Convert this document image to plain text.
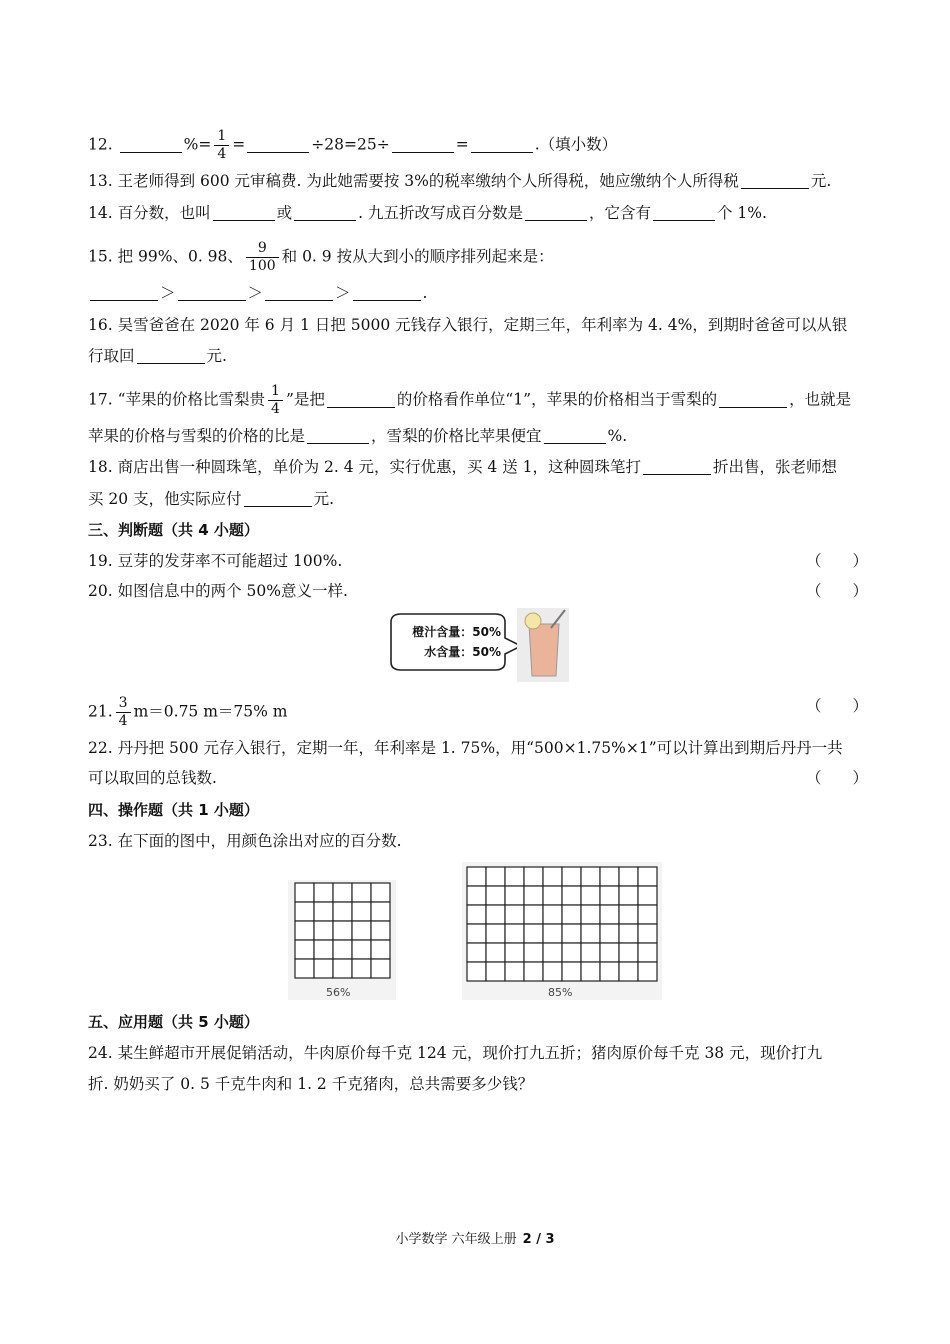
12.	%= $\frac{1}{4}$ =	÷28=25÷	=	.（填小数）
13. 王老师得到 600 元审稿费. 为此她需要按 3%的税率缴纳个人所得税，她应缴纳个人所得税	元.
14. 百分数，也叫	或	. 九五折改写成百分数是	，它含有	个 1%.
15. 把 99%、0. 98、 $\frac{9}{100}$ 和 0. 9 按从大到小的顺序排列起来是：
＞	＞	＞	.
16. 吴雪爸爸在 2020 年 6 月 1 日把 5000 元钱存入银行，定期三年，年利率为 4. 4%，到期时爸爸可以从银
行取回	元.
17. “苹果的价格比雪梨贵 $\frac{1}{4}$ ”是把	的价格看作单位“1”，苹果的价格相当于雪梨的	，也就是
苹果的价格与雪梨的价格的比是	，雪梨的价格比苹果便宜	%.
18. 商店出售一种圆珠笔，单价为 2. 4 元，实行优惠，买 4 送 1，这种圆珠笔打	折出售，张老师想
买 20 支，他实际应付	元.
三、判断题（共 4 小题）
19. 豆芽的发芽率不可能超过 100%.	（　　）
20. 如图信息中的两个 50%意义一样.	（　　）
橙汁含量：50%
水含量：50%
21. $\frac{3}{4} m=0.75$ m＝75% m	（　　）
22. 丹丹把 500 元存入银行，定期一年，年利率是 1. 75%，用“500×1.75%×1”可以计算出到期后丹丹一共
可以取回的总钱数.	（　　）
四、操作题（共 1 小题）
23. 在下面的图中，用颜色涂出对应的百分数.
56%	85%
五、应用题（共 5 小题）
24. 某生鲜超市开展促销活动，牛肉原价每千克 124 元，现价打九五折；猪肉原价每千克 38 元，现价打九
折. 奶奶买了 0. 5 千克牛肉和 1. 2 千克猪肉，总共需要多少钱？
小学数学 六年级上册 2 / 3
